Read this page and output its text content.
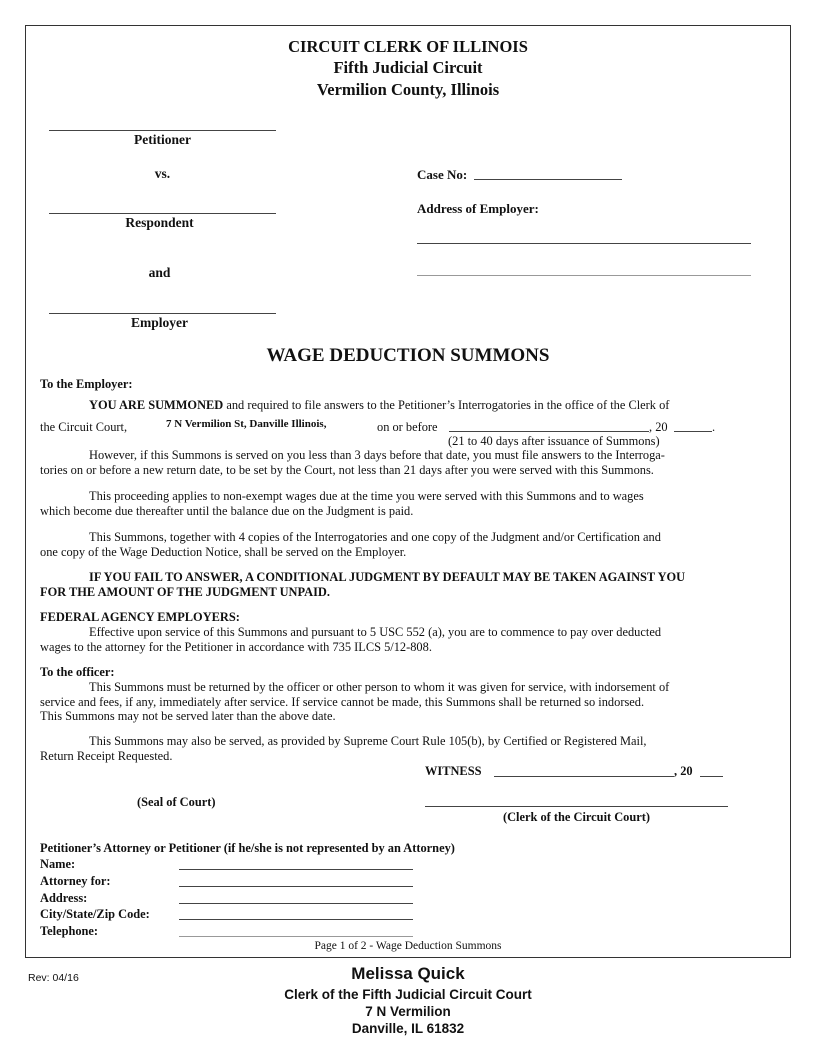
CIRCUIT CLERK OF ILLINOIS
Fifth Judicial Circuit
Vermilion County, Illinois
Petitioner
vs.
Respondent
and
Employer
Case No:
Address of Employer:
WAGE DEDUCTION SUMMONS
To the Employer:
YOU ARE SUMMONED and required to file answers to the Petitioner’s Interrogatories in the office of the Clerk of
the Circuit Court,	7 N Vermilion St, Danville Illinois,	on or before	, 20	.
(21 to 40 days after issuance of Summons)
However, if this Summons is served on you less than 3 days before that date, you must file answers to the Interroga-
tories on or before a new return date, to be set by the Court, not less than 21 days after you were served with this Summons.
This proceeding applies to non-exempt wages due at the time you were served with this Summons and to wages
which become due thereafter until the balance due on the Judgment is paid.
This Summons, together with 4 copies of the Interrogatories and one copy of the Judgment and/or Certification and
one copy of the Wage Deduction Notice, shall be served on the Employer.
IF YOU FAIL TO ANSWER, A CONDITIONAL JUDGMENT BY DEFAULT MAY BE TAKEN AGAINST YOU
FOR THE AMOUNT OF THE JUDGMENT UNPAID.
FEDERAL AGENCY EMPLOYERS:
Effective upon service of this Summons and pursuant to 5 USC 552 (a), you are to commence to pay over deducted
wages to the attorney for the Petitioner in accordance with 735 ILCS 5/12-808.
To the officer:
This Summons must be returned by the officer or other person to whom it was given for service, with indorsement of
service and fees, if any, immediately after service. If service cannot be made, this Summons shall be returned so indorsed.
This Summons may not be served later than the above date.
This Summons may also be served, as provided by Supreme Court Rule 105(b), by Certified or Registered Mail,
Return Receipt Requested.
WITNESS	, 20
(Seal of Court)
(Clerk of the Circuit Court)
Petitioner’s Attorney or Petitioner (if he/she is not represented by an Attorney)
Name:
Attorney for:
Address:
City/State/Zip Code:
Telephone:
Page 1 of 2 - Wage Deduction Summons
Rev: 04/16	Melissa Quick
Clerk of the Fifth Judicial Circuit Court
7 N Vermilion
Danville, IL 61832
